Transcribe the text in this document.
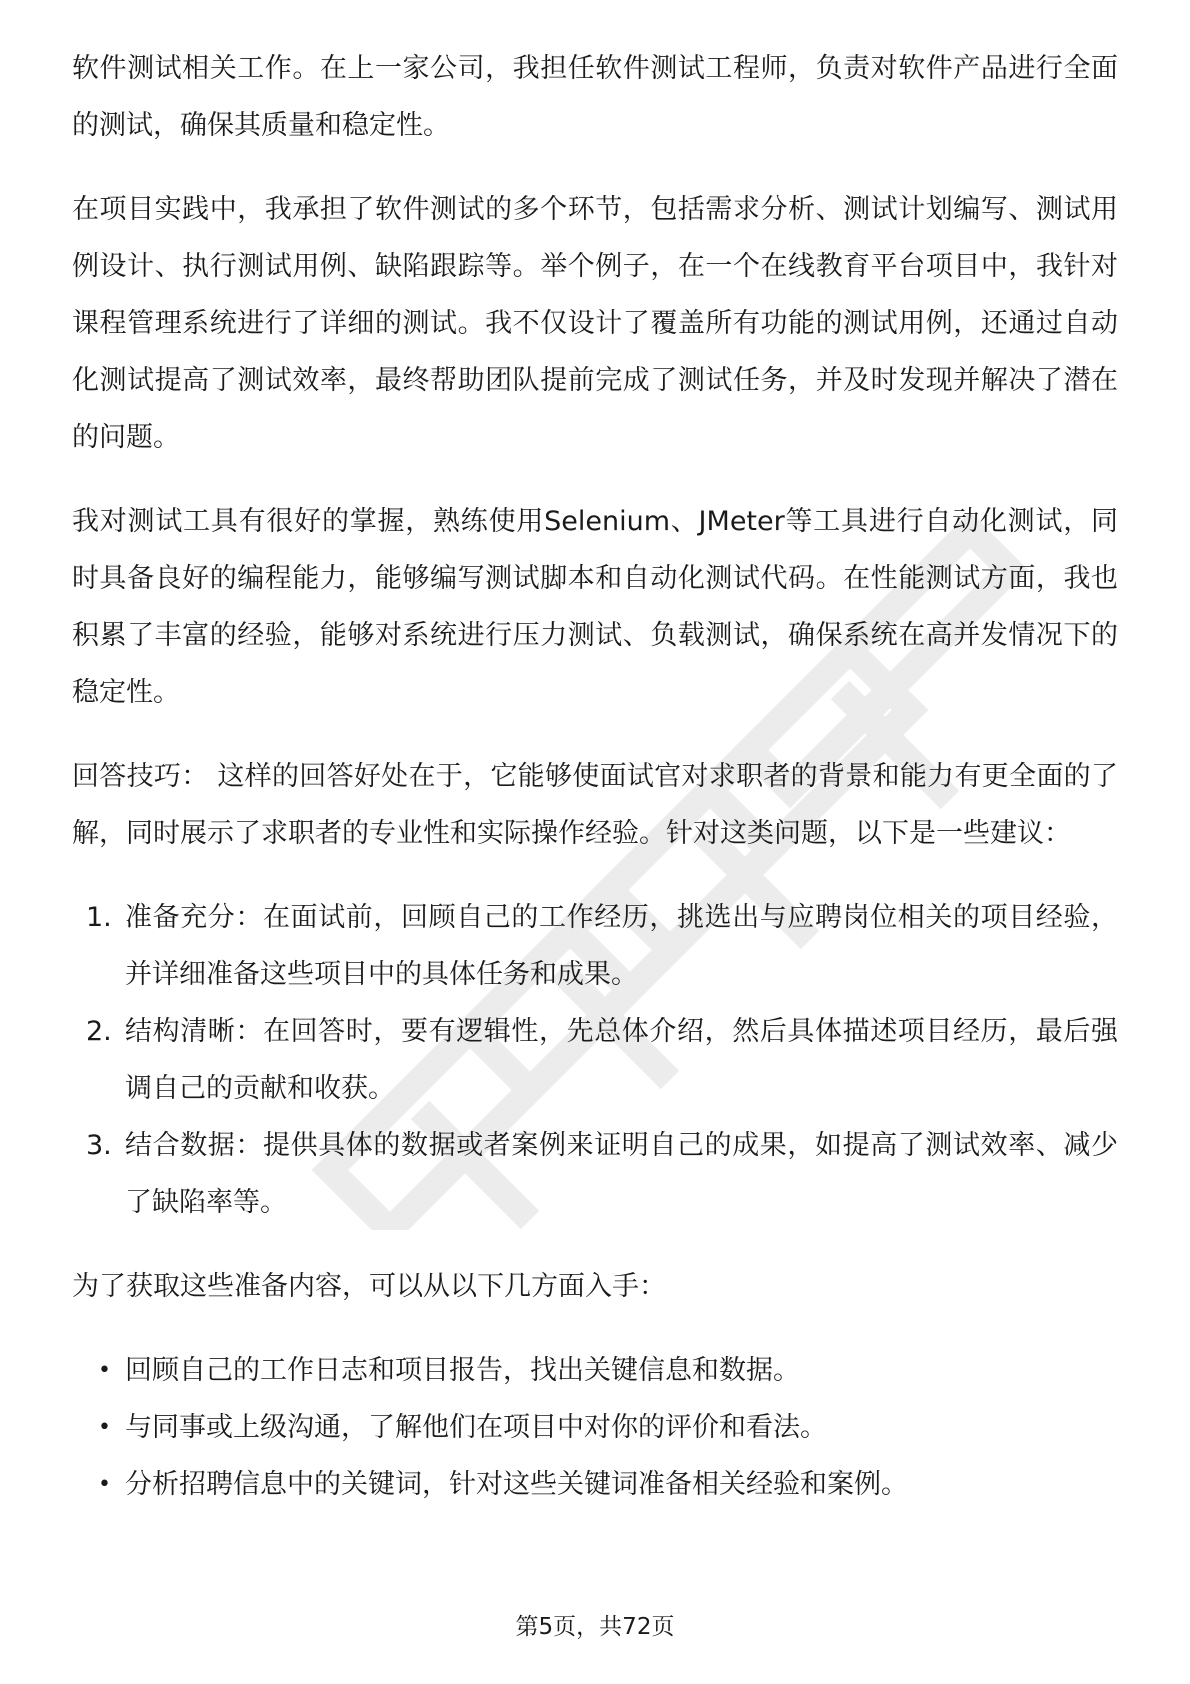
软件测试相关工作。在上一家公司，我担任软件测试工程师，负责对软件产品进行全面的测试，确保其质量和稳定性。

在项目实践中，我承担了软件测试的多个环节，包括需求分析、测试计划编写、测试用例设计、执行测试用例、缺陷跟踪等。举个例子，在一个在线教育平台项目中，我针对课程管理系统进行了详细的测试。我不仅设计了覆盖所有功能的测试用例，还通过自动化测试提高了测试效率，最终帮助团队提前完成了测试任务，并及时发现并解决了潜在的问题。

我对测试工具有很好的掌握，熟练使用Selenium、JMeter等工具进行自动化测试，同时具备良好的编程能力，能够编写测试脚本和自动化测试代码。在性能测试方面，我也积累了丰富的经验，能够对系统进行压力测试、负载测试，确保系统在高并发情况下的稳定性。

回答技巧： 这样的回答好处在于，它能够使面试官对求职者的背景和能力有更全面的了解，同时展示了求职者的专业性和实际操作经验。针对这类问题，以下是一些建议：

1. 准备充分：在面试前，回顾自己的工作经历，挑选出与应聘岗位相关的项目经验，并详细准备这些项目中的具体任务和成果。
2. 结构清晰：在回答时，要有逻辑性，先总体介绍，然后具体描述项目经历，最后强调自己的贡献和收获。
3. 结合数据：提供具体的数据或者案例来证明自己的成果，如提高了测试效率、减少了缺陷率等。

为了获取这些准备内容，可以从以下几方面入手：

• 回顾自己的工作日志和项目报告，找出关键信息和数据。
• 与同事或上级沟通，了解他们在项目中对你的评价和看法。
• 分析招聘信息中的关键词，针对这些关键词准备相关经验和案例。
第5页，共72页
